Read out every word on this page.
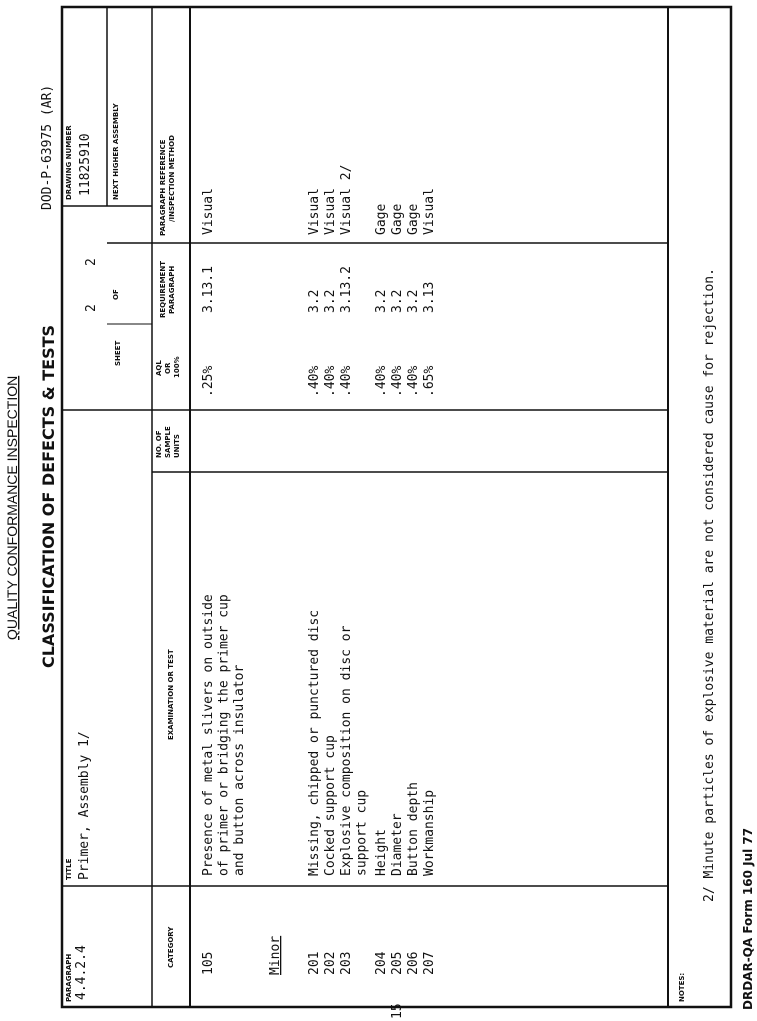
QUALITY CONFORMANCE INSPECTION CLASSIFICATION OF DEFECTS & TESTS
DOD-P-63975 (AR)
PARAGRAPH 4.4.2.4
TITLE Primer, Assembly 1/
SHEET
2
OF
2
DRAWING NUMBER 11825910	NEXT HIGHER ASSEMBLY
CATEGORY
EXAMINATION OR TEST
NO. OF SAMPLE UNITS
AQL OR 100%
REQUIREMENT PARAGRAPH
PARAGRAPH REFERENCE /INSPECTION METHOD
105
Presence of metal slivers on outside of primer or bridging the primer cup and button across insulator
.25%
3.13.1
Visual
201
Missing, chipped or punctured disc
.40%
3.2
Visual
202
Cocked support cup
.40%
3.2
Visual
203
Explosive composition on disc or support cup
.40%
3.13.2
Visual 2/
204
Height
.40%
3.2
Gage
205
Diameter
.40%
3.2
Gage
206
Button depth
.40%
3.2
Gage
207
Workmanship
.65%
3.13
Visual
Minor
NOTES:
2/ Minute particles of explosive material are not considered cause for rejection.
DRDAR-QA Form 160 Jul 77
15
